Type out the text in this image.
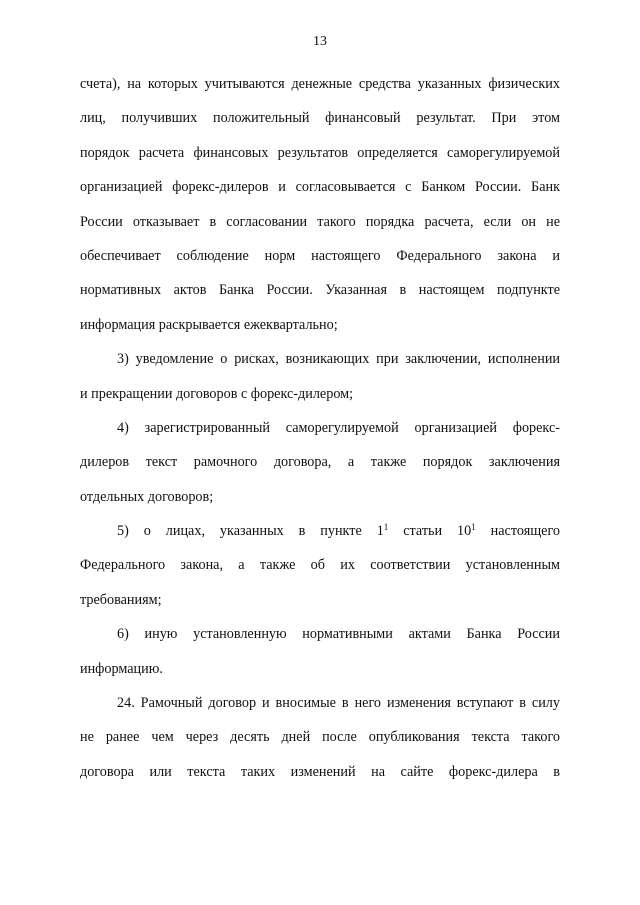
13
счета), на которых учитываются денежные средства указанных физических
лиц, получивших положительный финансовый результат. При этом
порядок расчета финансовых результатов определяется саморегулируемой
организацией форекс-дилеров и согласовывается с Банком России. Банк
России отказывает в согласовании такого порядка расчета, если он не
обеспечивает соблюдение норм настоящего Федерального закона и
нормативных актов Банка России. Указанная в настоящем подпункте
информация раскрывается ежеквартально;
3) уведомление о рисках, возникающих при заключении, исполнении
и прекращении договоров с форекс-дилером;
4) зарегистрированный саморегулируемой организацией форекс-
дилеров текст рамочного договора, а также порядок заключения
отдельных договоров;
5) о лицах, указанных в пункте $1^1$ статьи $10^1$ настоящего
Федерального закона, а также об их соответствии установленным
требованиям;
6) иную установленную нормативными актами Банка России
информацию.
24. Рамочный договор и вносимые в него изменения вступают в силу
не ранее чем через десять дней после опубликования текста такого
договора или текста таких изменений на сайте форекс-дилера в
